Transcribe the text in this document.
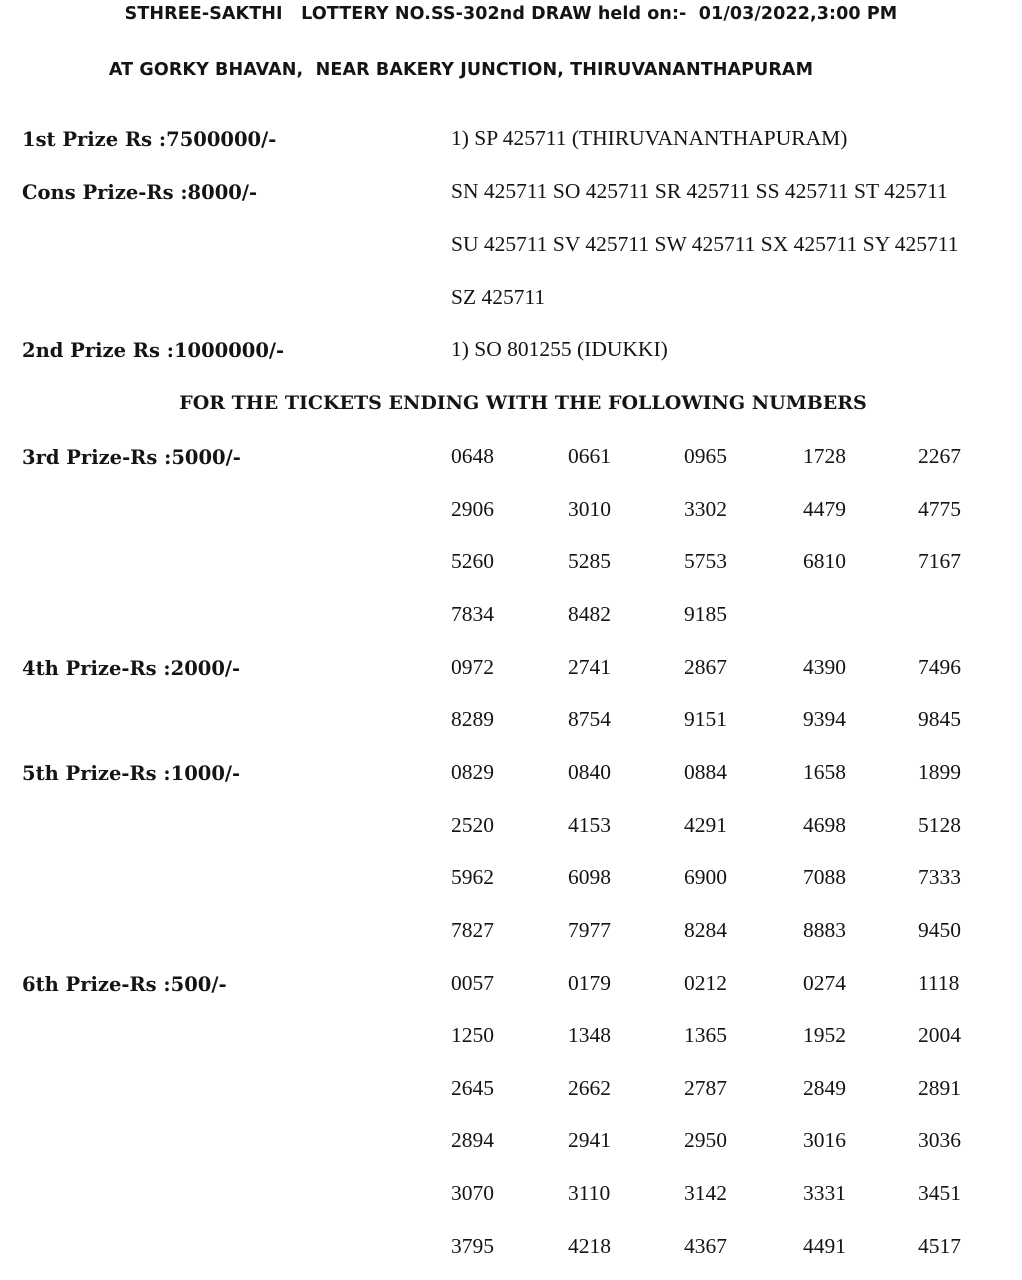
STHREE-SAKTHI   LOTTERY NO.SS-302nd DRAW held on:-  01/03/2022,3:00 PM
AT GORKY BHAVAN,  NEAR BAKERY JUNCTION, THIRUVANANTHAPURAM
1st Prize Rs :7500000/-	1) SP 425711 (THIRUVANANTHAPURAM)
Cons Prize-Rs :8000/-	SN 425711 SO 425711 SR 425711 SS 425711 ST 425711
SU 425711 SV 425711 SW 425711 SX 425711 SY 425711
SZ 425711
2nd Prize Rs :1000000/-	1) SO 801255 (IDUKKI)
FOR THE TICKETS ENDING WITH THE FOLLOWING NUMBERS
3rd Prize-Rs :5000/-	0648	0661	0965	1728	2267
2906	3010	3302	4479	4775
5260	5285	5753	6810	7167
7834	8482	9185
4th Prize-Rs :2000/-	0972	2741	2867	4390	7496
8289	8754	9151	9394	9845
5th Prize-Rs :1000/-	0829	0840	0884	1658	1899
2520	4153	4291	4698	5128
5962	6098	6900	7088	7333
7827	7977	8284	8883	9450
6th Prize-Rs :500/-	0057	0179	0212	0274	1118
1250	1348	1365	1952	2004
2645	2662	2787	2849	2891
2894	2941	2950	3016	3036
3070	3110	3142	3331	3451
3795	4218	4367	4491	4517
